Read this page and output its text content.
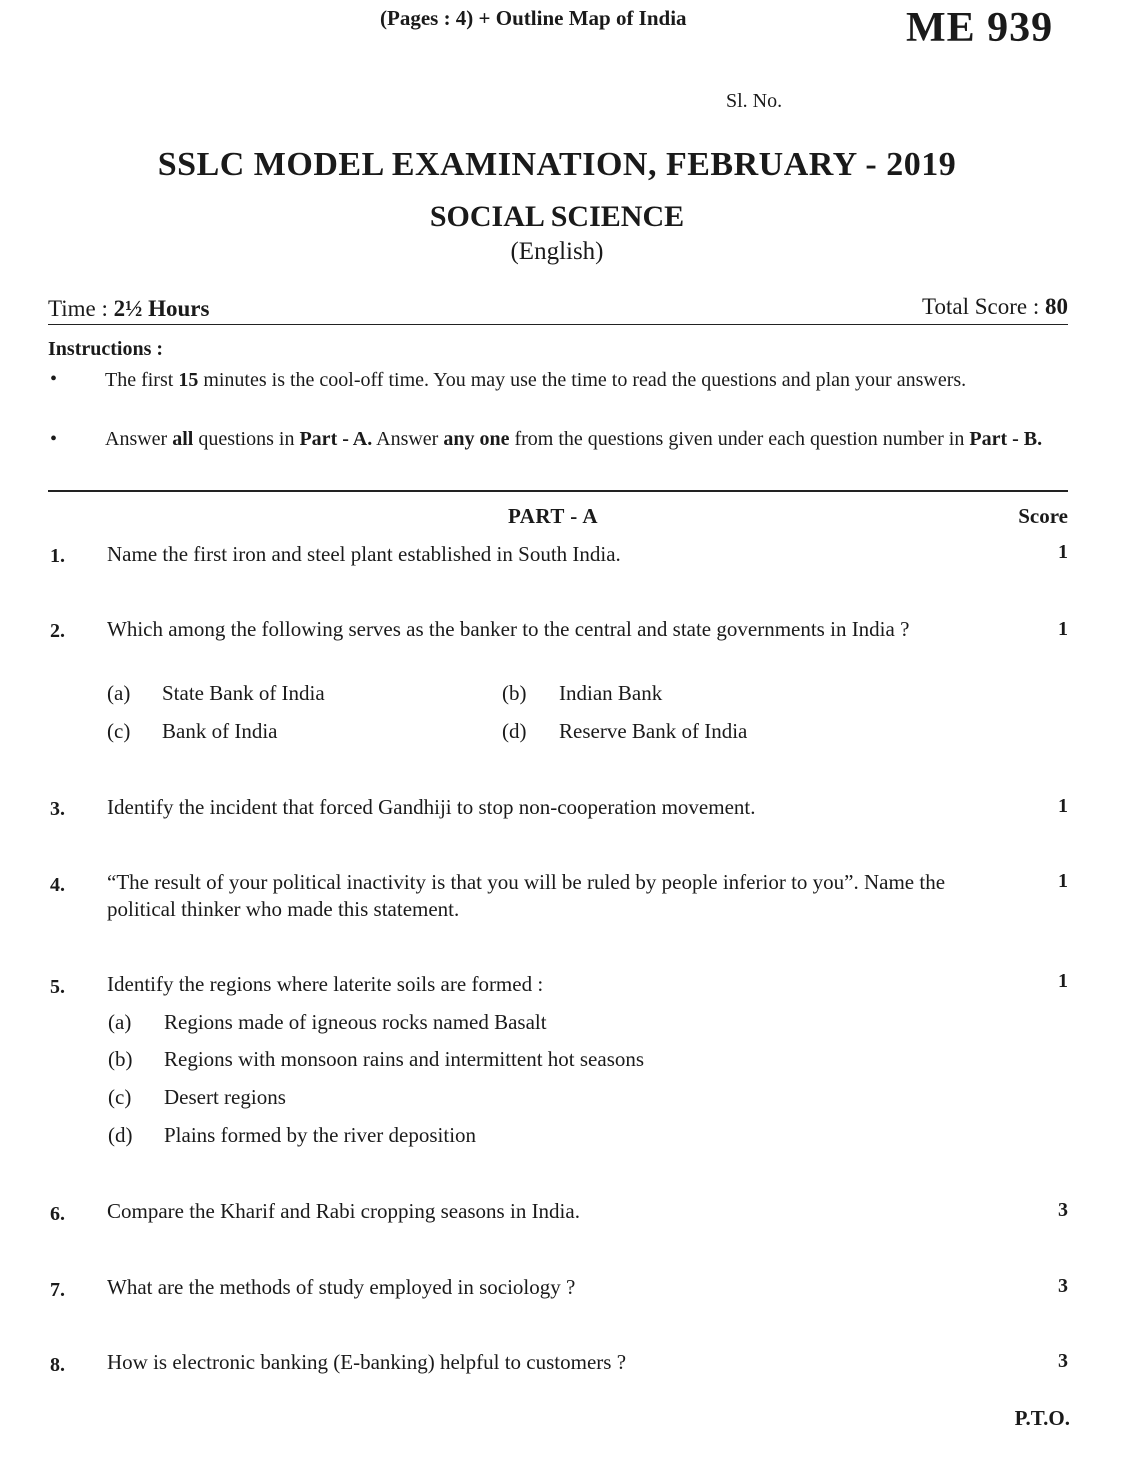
(Pages : 4) + Outline Map of India	ME 939
Sl. No.
SSLC MODEL EXAMINATION, FEBRUARY - 2019
SOCIAL SCIENCE
(English)
Time : 2½ Hours	Total Score : 80
Instructions :
• The first 15 minutes is the cool-off time. You may use the time to read the questions and plan your answers.
• Answer all questions in Part - A. Answer any one from the questions given under each question number in Part - B.
PART - A	Score
1. Name the first iron and steel plant established in South India.	1
2. Which among the following serves as the banker to the central and state governments in India ?	1
(a) State Bank of India	(b) Indian Bank
(c) Bank of India	(d) Reserve Bank of India
3. Identify the incident that forced Gandhiji to stop non-cooperation movement.	1
4. “The result of your political inactivity is that you will be ruled by people inferior to you”. Name the political thinker who made this statement.
1
5. Identify the regions where laterite soils are formed :	1
(a) Regions made of igneous rocks named Basalt
(b) Regions with monsoon rains and intermittent hot seasons
(c) Desert regions
(d) Plains formed by the river deposition
6. Compare the Kharif and Rabi cropping seasons in India.	3
7. What are the methods of study employed in sociology ?	3
8. How is electronic banking (E-banking) helpful to customers ?	3
P.T.O.
